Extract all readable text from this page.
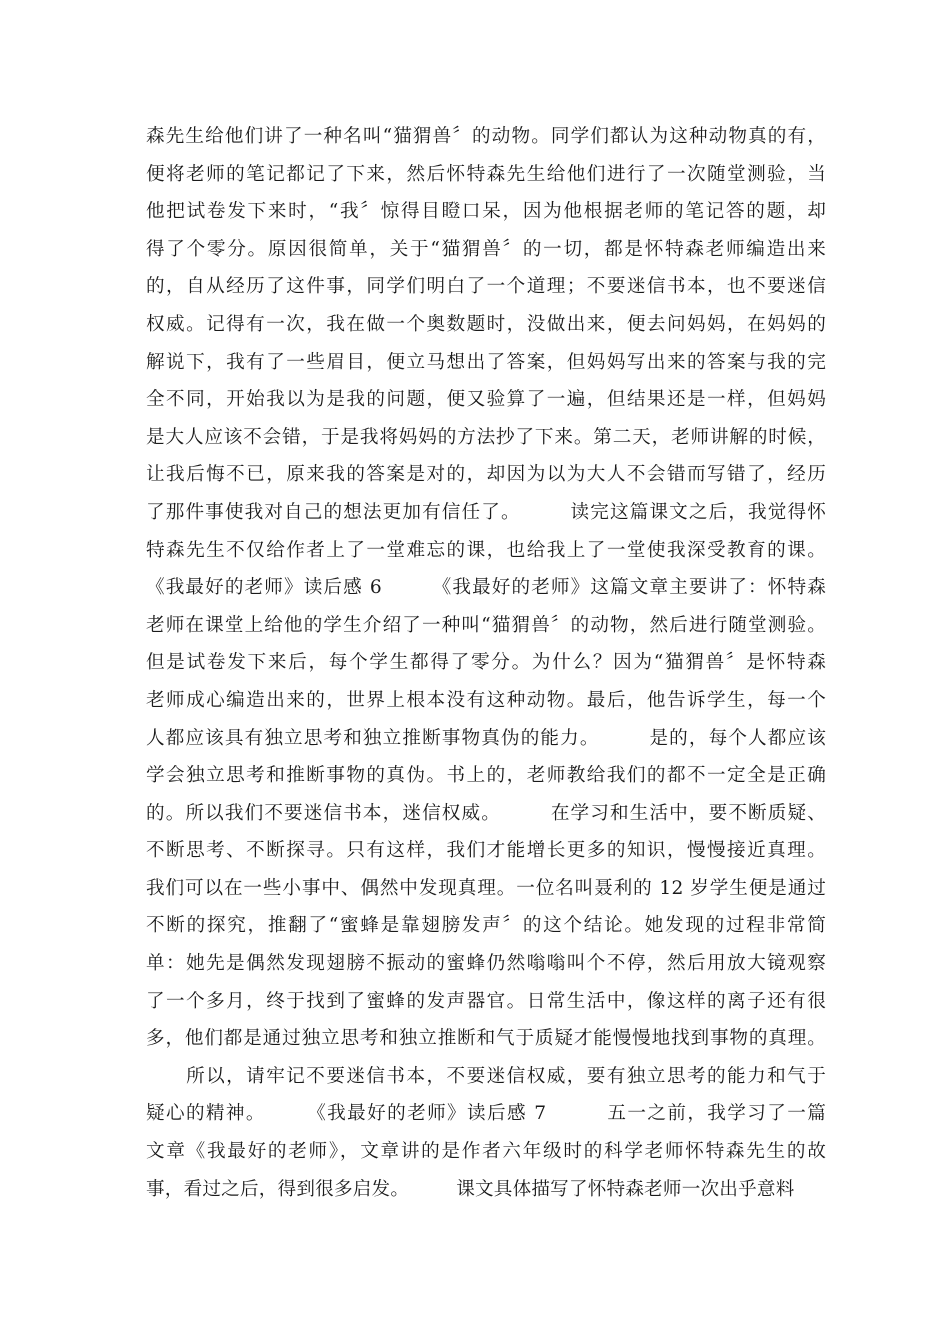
森先生给他们讲了一种名叫“猫猬兽〞的动物。同学们都认为这种动物真的有，
便将老师的笔记都记了下来，然后怀特森先生给他们进行了一次随堂测验，当
他把试卷发下来时，“我〞惊得目瞪口呆，因为他根据老师的笔记答的题，却
得了个零分。原因很简单，关于“猫猬兽〞的一切，都是怀特森老师编造出来
的，自从经历了这件事，同学们明白了一个道理；不要迷信书本，也不要迷信
权威。记得有一次，我在做一个奥数题时，没做出来，便去问妈妈，在妈妈的
解说下，我有了一些眉目，便立马想出了答案，但妈妈写出来的答案与我的完
全不同，开始我以为是我的问题，便又验算了一遍，但结果还是一样，但妈妈
是大人应该不会错，于是我将妈妈的方法抄了下来。第二天，老师讲解的时候，
让我后悔不已，原来我的答案是对的，却因为以为大人不会错而写错了，经历
了那件事使我对自己的想法更加有信任了。　　　读完这篇课文之后，我觉得怀
特森先生不仅给作者上了一堂难忘的课，也给我上了一堂使我深受教育的课。
《我最好的老师》读后感 6　　　《我最好的老师》这篇文章主要讲了：怀特森
老师在课堂上给他的学生介绍了一种叫“猫猬兽〞的动物，然后进行随堂测验。
但是试卷发下来后，每个学生都得了零分。为什么？因为“猫猬兽〞是怀特森
老师成心编造出来的，世界上根本没有这种动物。最后，他告诉学生，每一个
人都应该具有独立思考和独立推断事物真伪的能力。　　　是的，每个人都应该
学会独立思考和推断事物的真伪。书上的，老师教给我们的都不一定全是正确
的。所以我们不要迷信书本，迷信权威。　　　在学习和生活中，要不断质疑、
不断思考、不断探寻。只有这样，我们才能增长更多的知识，慢慢接近真理。
我们可以在一些小事中、偶然中发现真理。一位名叫聂利的 12 岁学生便是通过
不断的探究，推翻了“蜜蜂是靠翅膀发声〞的这个结论。她发现的过程非常简
单：她先是偶然发现翅膀不振动的蜜蜂仍然嗡嗡叫个不停，然后用放大镜观察
了一个多月，终于找到了蜜蜂的发声器官。日常生活中，像这样的离子还有很
多，他们都是通过独立思考和独立推断和气于质疑才能慢慢地找到事物的真理。
　　所以，请牢记不要迷信书本，不要迷信权威，要有独立思考的能力和气于
疑心的精神。　　　《我最好的老师》读后感 7　　　五一之前，我学习了一篇
文章《我最好的老师》，文章讲的是作者六年级时的科学老师怀特森先生的故
事，看过之后，得到很多启发。　　　课文具体描写了怀特森老师一次出乎意料
